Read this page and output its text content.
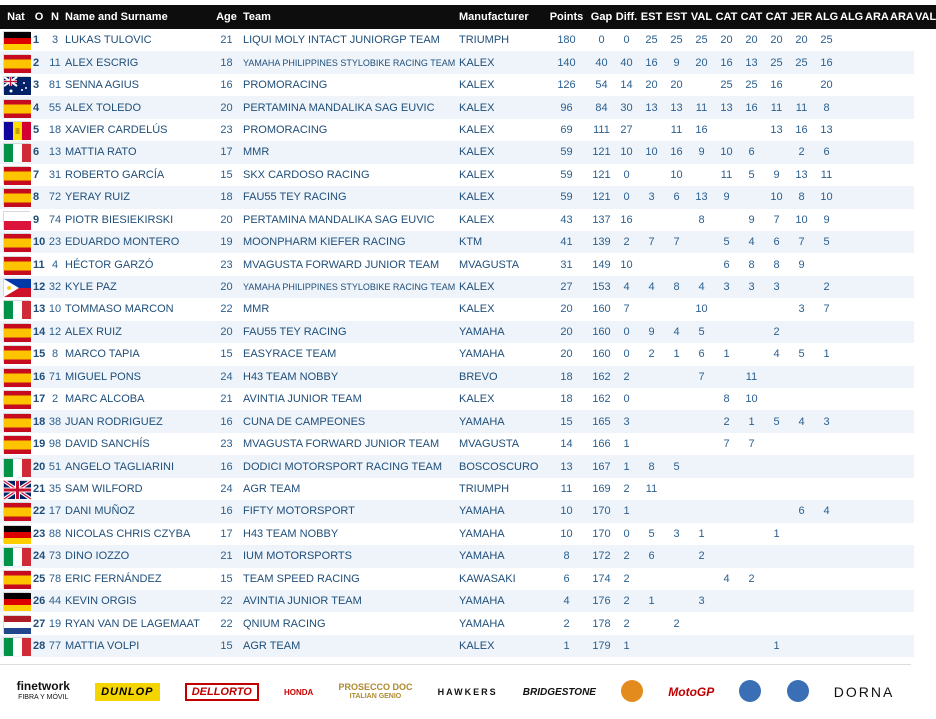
Nat	O	N	Name and Surname	Age	Team	Manufacturer	Points	Gap	Diff.	EST	EST	VAL	CAT	CAT	CAT	JER	ALG	ALG	ARA	ARA	VAL
	1	3	LUKAS TULOVIC	21	LIQUI MOLY INTACT JUNIORGP TEAM	TRIUMPH	180	0	0	25	25	25	20	20	20	20	25				
	2	11	ALEX ESCRIG	18	YAMAHA PHILIPPINES STYLOBIKE RACING TEAM	KALEX	140	40	40	16	9	20	16	13	25	25	16				
	3	81	SENNA AGIUS	16	PROMORACING	KALEX	126	54	14	20	20		25	25	16		20				
	4	55	ALEX TOLEDO	20	PERTAMINA MANDALIKA SAG EUVIC	KALEX	96	84	30	13	13	11	13	16	11	11	8				
	5	18	XAVIER CARDELÚS	23	PROMORACING	KALEX	69	111	27		11	16			13	16	13				
	6	13	MATTIA RATO	17	MMR	KALEX	59	121	10	10	16	9	10	6		2	6				
	7	31	ROBERTO GARCÍA	15	SKX CARDOSO RACING	KALEX	59	121	0		10		11	5	9	13	11				
	8	72	YERAY RUIZ	18	FAU55 TEY RACING	KALEX	59	121	0	3	6	13	9		10	8	10				
	9	74	PIOTR BIESIEKIRSKI	20	PERTAMINA MANDALIKA SAG EUVIC	KALEX	43	137	16			8		9	7	10	9				
	10	23	EDUARDO MONTERO	19	MOONPHARM KIEFER RACING	KTM	41	139	2	7	7		5	4	6	7	5				
	11	4	HÉCTOR GARZÓ	23	MVAGUSTA FORWARD JUNIOR TEAM	MVAGUSTA	31	149	10				6	8	8	9					
	12	32	KYLE PAZ	20	YAMAHA PHILIPPINES STYLOBIKE RACING TEAM	KALEX	27	153	4	4	8	4	3	3	3		2				
	13	10	TOMMASO MARCON	22	MMR	KALEX	20	160	7			10				3	7				
	14	12	ALEX RUIZ	20	FAU55 TEY RACING	YAMAHA	20	160	0	9	4	5			2						
	15	8	MARCO TAPIA	15	EASYRACE TEAM	YAMAHA	20	160	0	2	1	6	1		4	5	1				
	16	71	MIGUEL PONS	24	H43 TEAM NOBBY	BREVO	18	162	2			7		11							
	17	2	MARC ALCOBA	21	AVINTIA JUNIOR TEAM	KALEX	18	162	0				8	10							
	18	38	JUAN RODRIGUEZ	16	CUNA DE CAMPEONES	YAMAHA	15	165	3				2	1	5	4	3				
	19	98	DAVID SANCHÍS	23	MVAGUSTA FORWARD JUNIOR TEAM	MVAGUSTA	14	166	1				7	7							
	20	51	ANGELO TAGLIARINI	16	DODICI MOTORSPORT RACING TEAM	BOSCOSCURO	13	167	1	8	5										
	21	35	SAM WILFORD	24	AGR TEAM	TRIUMPH	11	169	2	11											
	22	17	DANI MUÑOZ	16	FIFTY MOTORSPORT	YAMAHA	10	170	1							6	4				
	23	88	NICOLAS CHRIS CZYBA	17	H43 TEAM NOBBY	YAMAHA	10	170	0	5	3	1			1						
	24	73	DINO IOZZO	21	IUM MOTORSPORTS	YAMAHA	8	172	2	6		2									
	25	78	ERIC FERNÁNDEZ	15	TEAM SPEED RACING	KAWASAKI	6	174	2				4	2							
	26	44	KEVIN ORGIS	22	AVINTIA JUNIOR TEAM	YAMAHA	4	176	2	1		3									
	27	19	RYAN VAN DE LAGEMAAT	22	QNIUM RACING	YAMAHA	2	178	2		2										
	28	77	MATTIA VOLPI	15	AGR TEAM	KALEX	1	179	1						1						
finetwork
FIBRA Y MÓVIL	DUNLOP	DELLORTO	HONDA	PROSECCO DOC
ITALIAN GENIO	HAWKERS	BRIDGESTONE	MotoGP	DORNA
